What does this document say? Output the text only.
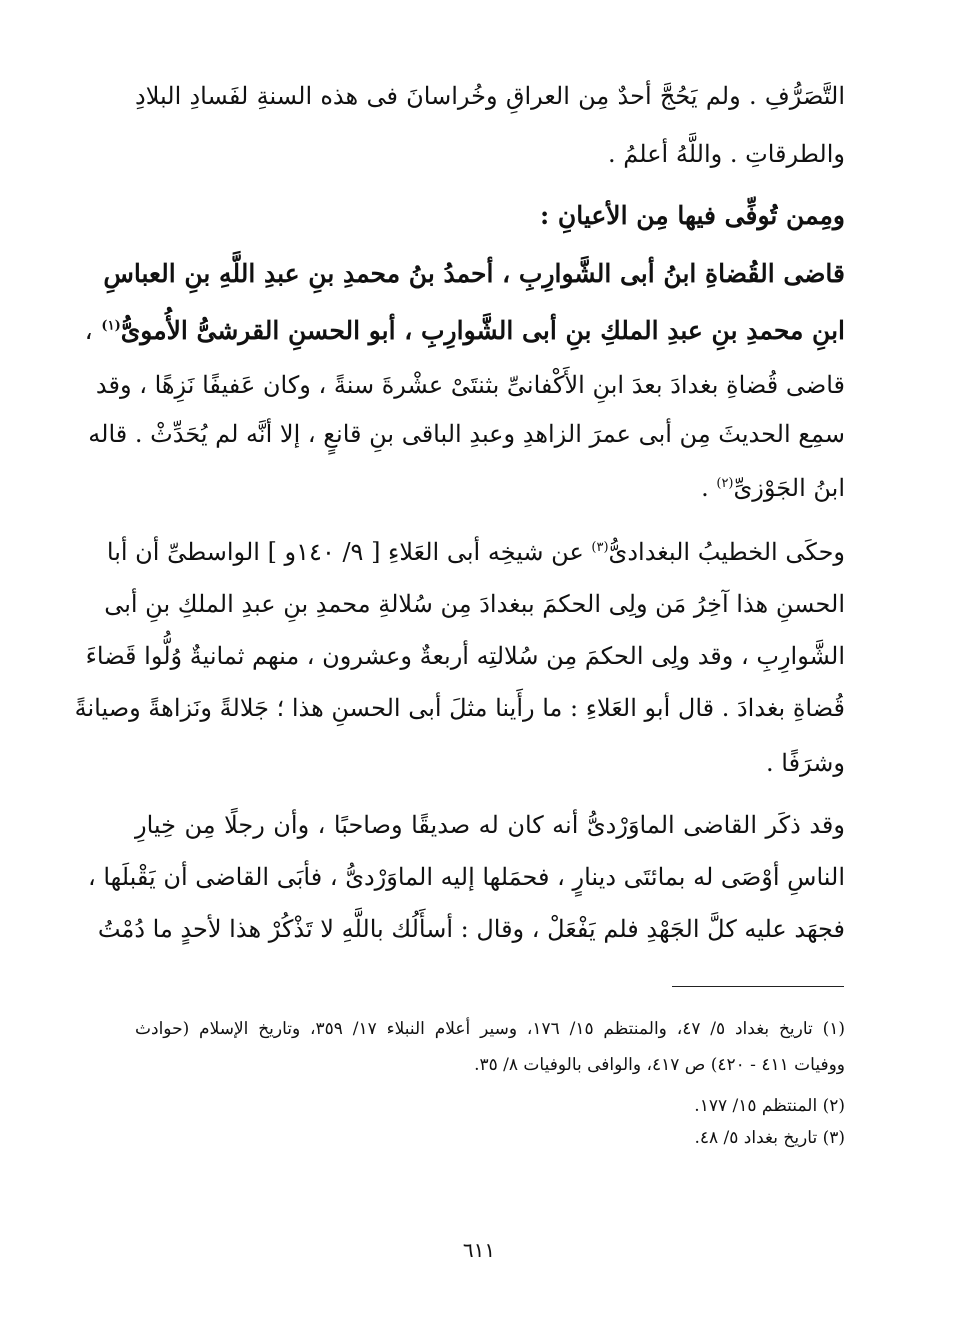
التَّصَرُّفِ . ولم يَحُجَّ أحدٌ مِن العراقِ وخُراسانَ فى هذه السنةِ لفَسادِ البلادِ
والطرقاتِ . واللَّهُ أعلمُ .
ومِمن تُوفِّى فيها مِن الأعيانِ :
قاضى القُضاةِ ابنُ أبى الشَّوارِبِ ، أحمدُ بنُ محمدِ بنِ عبدِ اللَّهِ بنِ العباسِ
ابنِ محمدِ بنِ عبدِ الملكِ بنِ أبى الشَّوارِبِ ، أبو الحسنِ القرشىُّ الأُموىُّ$^{(١)}$ ،
قاضى قُضاةِ بغدادَ بعدَ ابنِ الأَكْفانىِّ بثنتَىْ عشْرةَ سنةً ، وكان عَفيفًا نَزِهًا ، وقد
سمِع الحديثَ مِن أبى عمرَ الزاهدِ وعبدِ الباقى بنِ قانعٍ ، إلا أنَّه لم يُحَدِّثْ . قاله
ابنُ الجَوْزىِّ$^{(٢)}$ .
وحكَى الخطيبُ البغدادىُّ$^{(٣)}$ عن شيخِه أبى العَلاءِ [ ٩/ ١٤٠و ] الواسطىِّ أن أبا
الحسنِ هذا آخِرُ مَن ولِى الحكمَ ببغدادَ مِن سُلالةِ محمدِ بنِ عبدِ الملكِ بنِ أبى
الشَّوارِبِ ، وقد ولِى الحكمَ مِن سُلالتِه أربعةٌ وعشرون ، منهم ثمانيةٌ وُلُّوا قَضاءَ
قُضاةِ بغدادَ . قال أبو العَلاءِ : ما رأَينا مثلَ أبى الحسنِ هذا ؛ جَلالةً ونَزاهةً وصيانةً
وشرَفًا .
وقد ذكَر القاضى الماوَرْدىُّ أنه كان له صديقًا وصاحبًا ، وأن رجلًا مِن خِيارِ
الناسِ أوْصَى له بمائتَى دينارٍ ، فحمَلها إليه الماوَرْدىُّ ، فأبَى القاضى أن يَقْبلَها ،
فجهَد عليه كلَّ الجَهْدِ فلم يَفْعَلْ ، وقال : أسأَلُك باللَّهِ لا تَذْكُرْ هذا لأحدٍ ما دُمْتُ
(١) تاريخ بغداد ٥/ ٤٧، والمنتظم ١٥/ ١٧٦، وسير أعلام النبلاء ١٧/ ٣٥٩، وتاريخ الإسلام (حوادث
ووفيات ٤١١ - ٤٢٠) ص ٤١٧، والوافى بالوفيات ٨/ ٣٥.
(٢) المنتظم ١٥/ ١٧٧.
(٣) تاريخ بغداد ٥/ ٤٨.
٦١١
